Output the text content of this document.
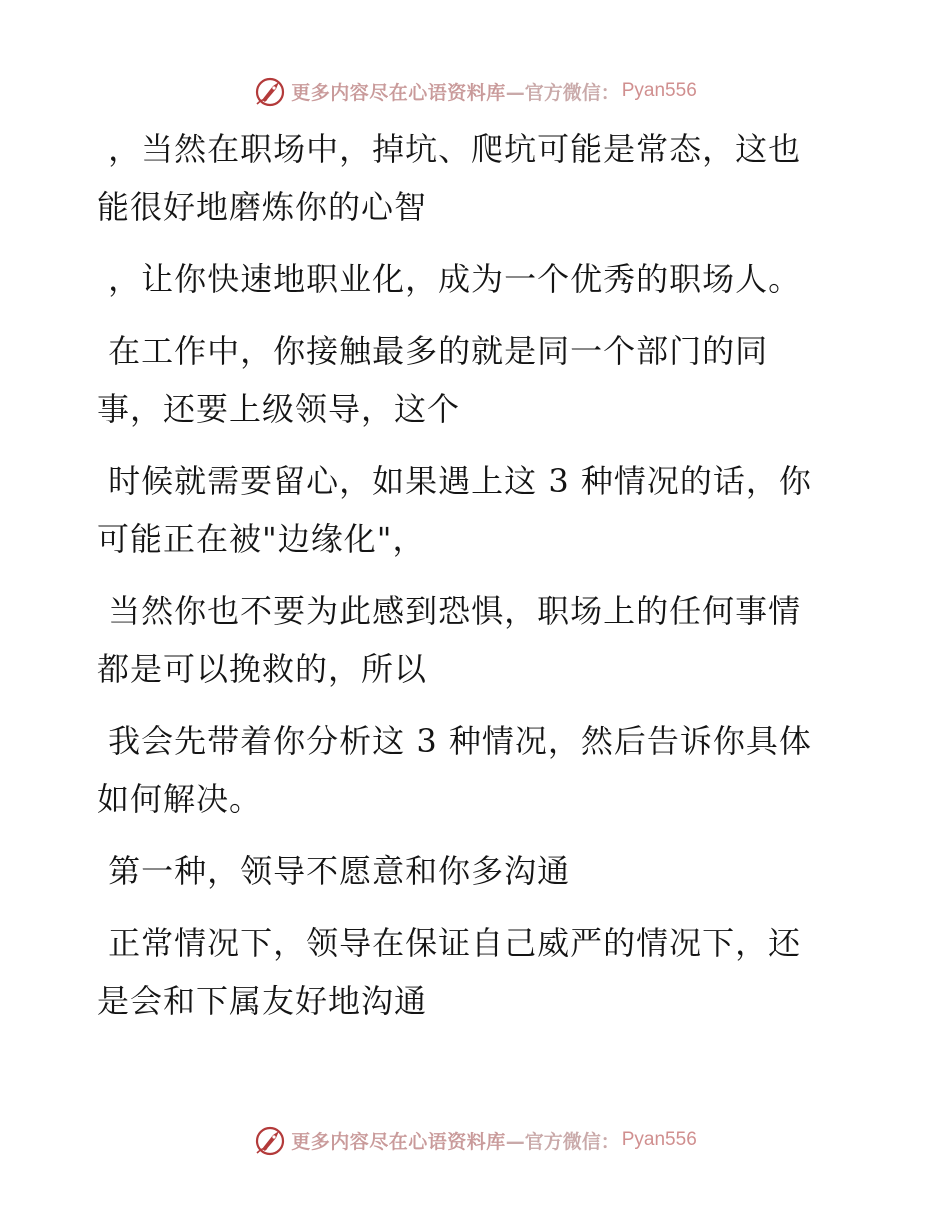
更多内容尽在心语资料库 —官方微信： Pyan556

，当然在职场中，掉坑、爬坑可能是常态，这也
能很好地磨炼你的心智

，让你快速地职业化，成为一个优秀的职场人。

在工作中，你接触最多的就是同一个部门的同
事，还要上级领导，这个

时候就需要留心，如果遇上这 3 种情况的话，你
可能正在被"边缘化"，

当然你也不要为此感到恐惧，职场上的任何事情
都是可以挽救的，所以

我会先带着你分析这 3 种情况，然后告诉你具体
如何解决。

第一种，领导不愿意和你多沟通

正常情况下，领导在保证自己威严的情况下，还
是会和下属友好地沟通

更多内容尽在心语资料库 —官方微信： Pyan556
